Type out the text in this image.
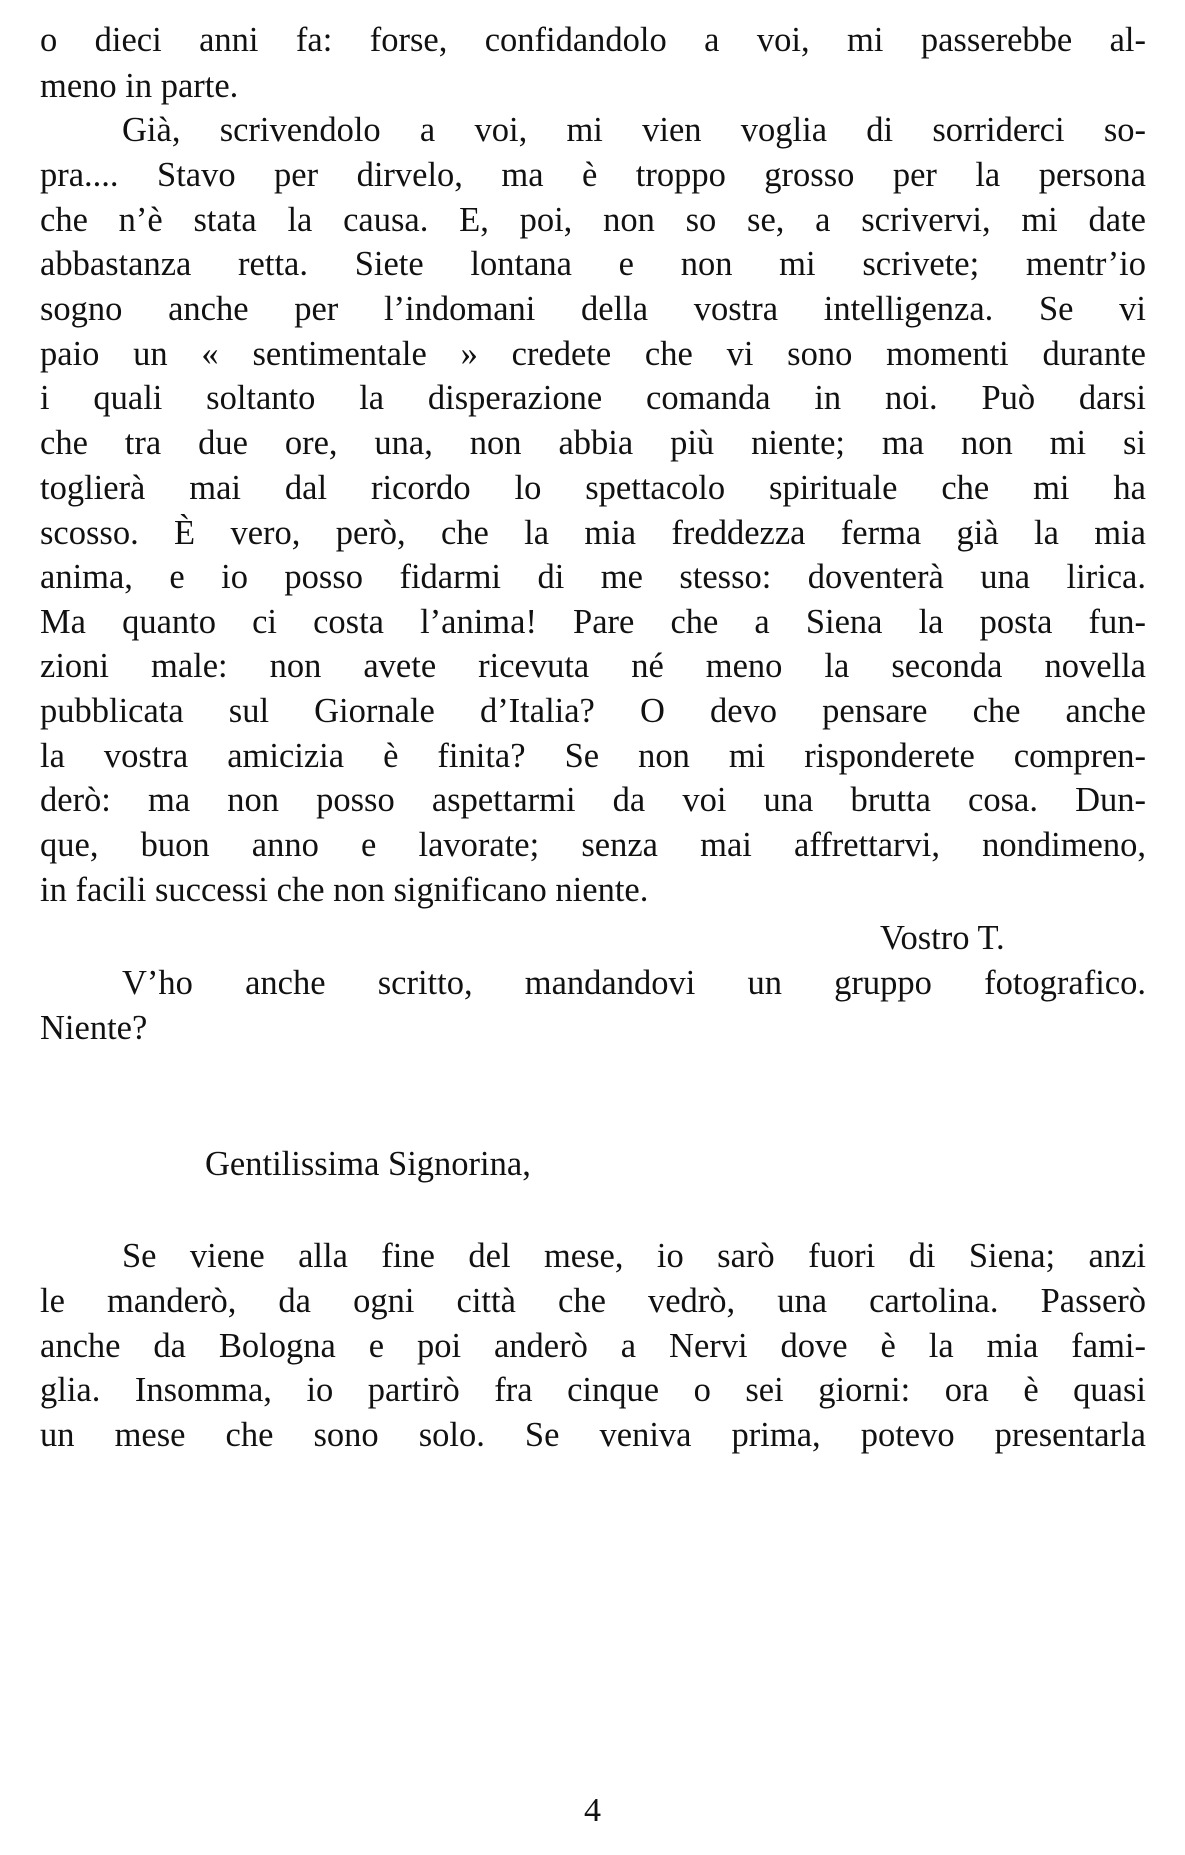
o dieci anni fa: forse, confidandolo a voi, mi passerebbe al-
meno in parte.
Già, scrivendolo a voi, mi vien voglia di sorriderci so-
pra.... Stavo per dirvelo, ma è troppo grosso per la persona
che n’è stata la causa. E, poi, non so se, a scrivervi, mi date
abbastanza retta. Siete lontana e non mi scrivete; mentr’io
sogno anche per l’indomani della vostra intelligenza. Se vi
paio un « sentimentale » credete che vi sono momenti durante
i quali soltanto la disperazione comanda in noi. Può darsi
che tra due ore, una, non abbia più niente; ma non mi si
toglierà mai dal ricordo lo spettacolo spirituale che mi ha
scosso. È vero, però, che la mia freddezza ferma già la mia
anima, e io posso fidarmi di me stesso: doventerà una lirica.
Ma quanto ci costa l’anima! Pare che a Siena la posta fun-
zioni male: non avete ricevuta né meno la seconda novella
pubblicata sul Giornale d’Italia? O devo pensare che anche
la vostra amicizia è finita? Se non mi risponderete compren-
derò: ma non posso aspettarmi da voi una brutta cosa. Dun-
que, buon anno e lavorate; senza mai affrettarvi, nondimeno,
in facili successi che non significano niente.
Vostro T.
V’ho anche scritto, mandandovi un gruppo fotografico.
Niente?
Gentilissima Signorina,
Se viene alla fine del mese, io sarò fuori di Siena; anzi
le manderò, da ogni città che vedrò, una cartolina. Passerò
anche da Bologna e poi anderò a Nervi dove è la mia fami-
glia. Insomma, io partirò fra cinque o sei giorni: ora è quasi
un mese che sono solo. Se veniva prima, potevo presentarla
4
